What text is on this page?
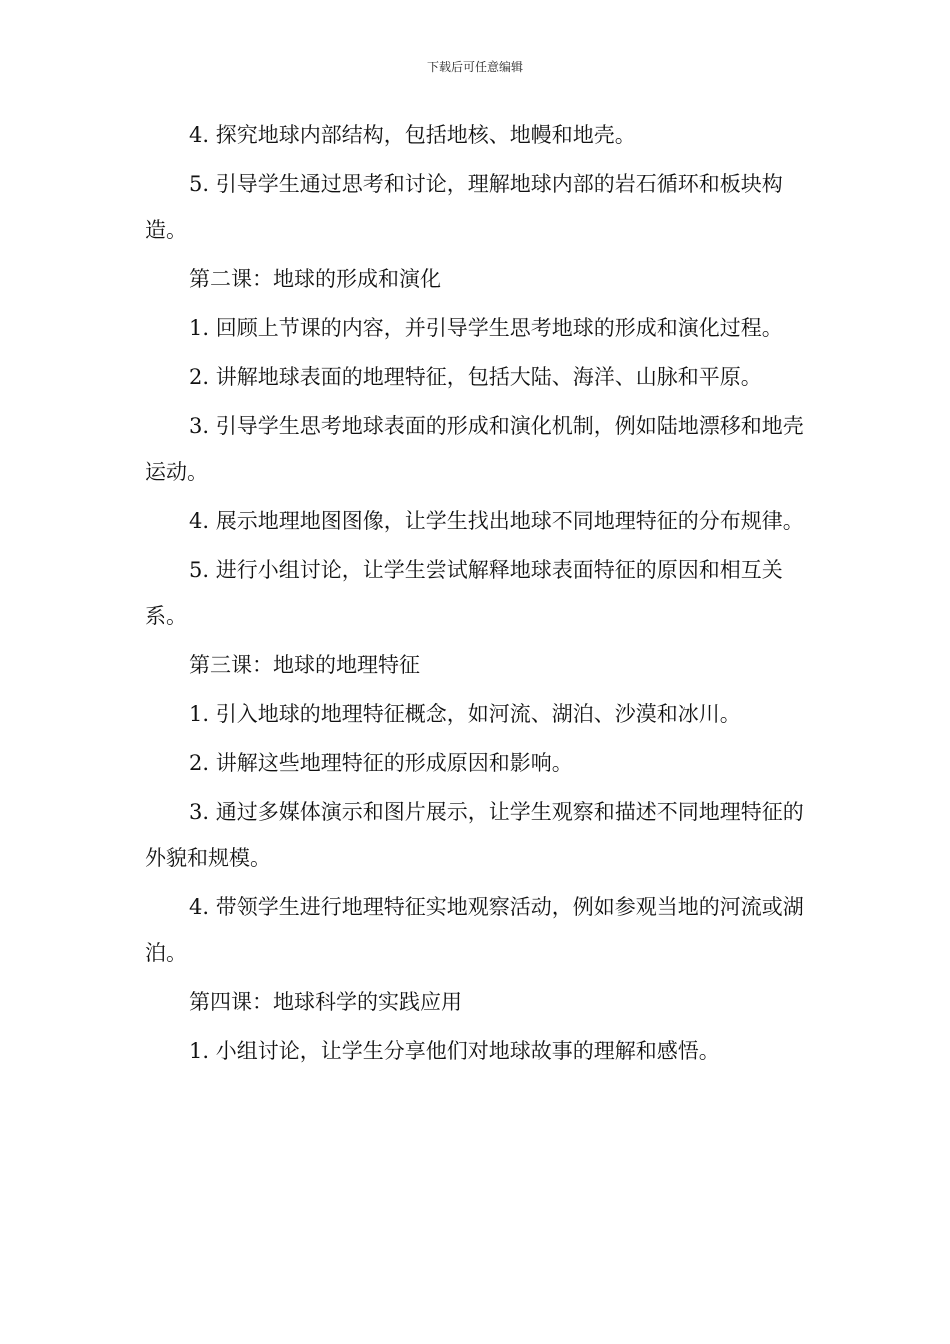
下载后可任意编辑

4. 探究地球内部结构，包括地核、地幔和地壳。

5. 引导学生通过思考和讨论，理解地球内部的岩石循环和板块构造。

第二课：地球的形成和演化

1. 回顾上节课的内容，并引导学生思考地球的形成和演化过程。

2. 讲解地球表面的地理特征，包括大陆、海洋、山脉和平原。

3. 引导学生思考地球表面的形成和演化机制，例如陆地漂移和地壳运动。

4. 展示地理地图图像，让学生找出地球不同地理特征的分布规律。

5. 进行小组讨论，让学生尝试解释地球表面特征的原因和相互关系。

第三课：地球的地理特征

1. 引入地球的地理特征概念，如河流、湖泊、沙漠和冰川。

2. 讲解这些地理特征的形成原因和影响。

3. 通过多媒体演示和图片展示，让学生观察和描述不同地理特征的外貌和规模。

4. 带领学生进行地理特征实地观察活动，例如参观当地的河流或湖泊。

第四课：地球科学的实践应用

1. 小组讨论，让学生分享他们对地球故事的理解和感悟。
